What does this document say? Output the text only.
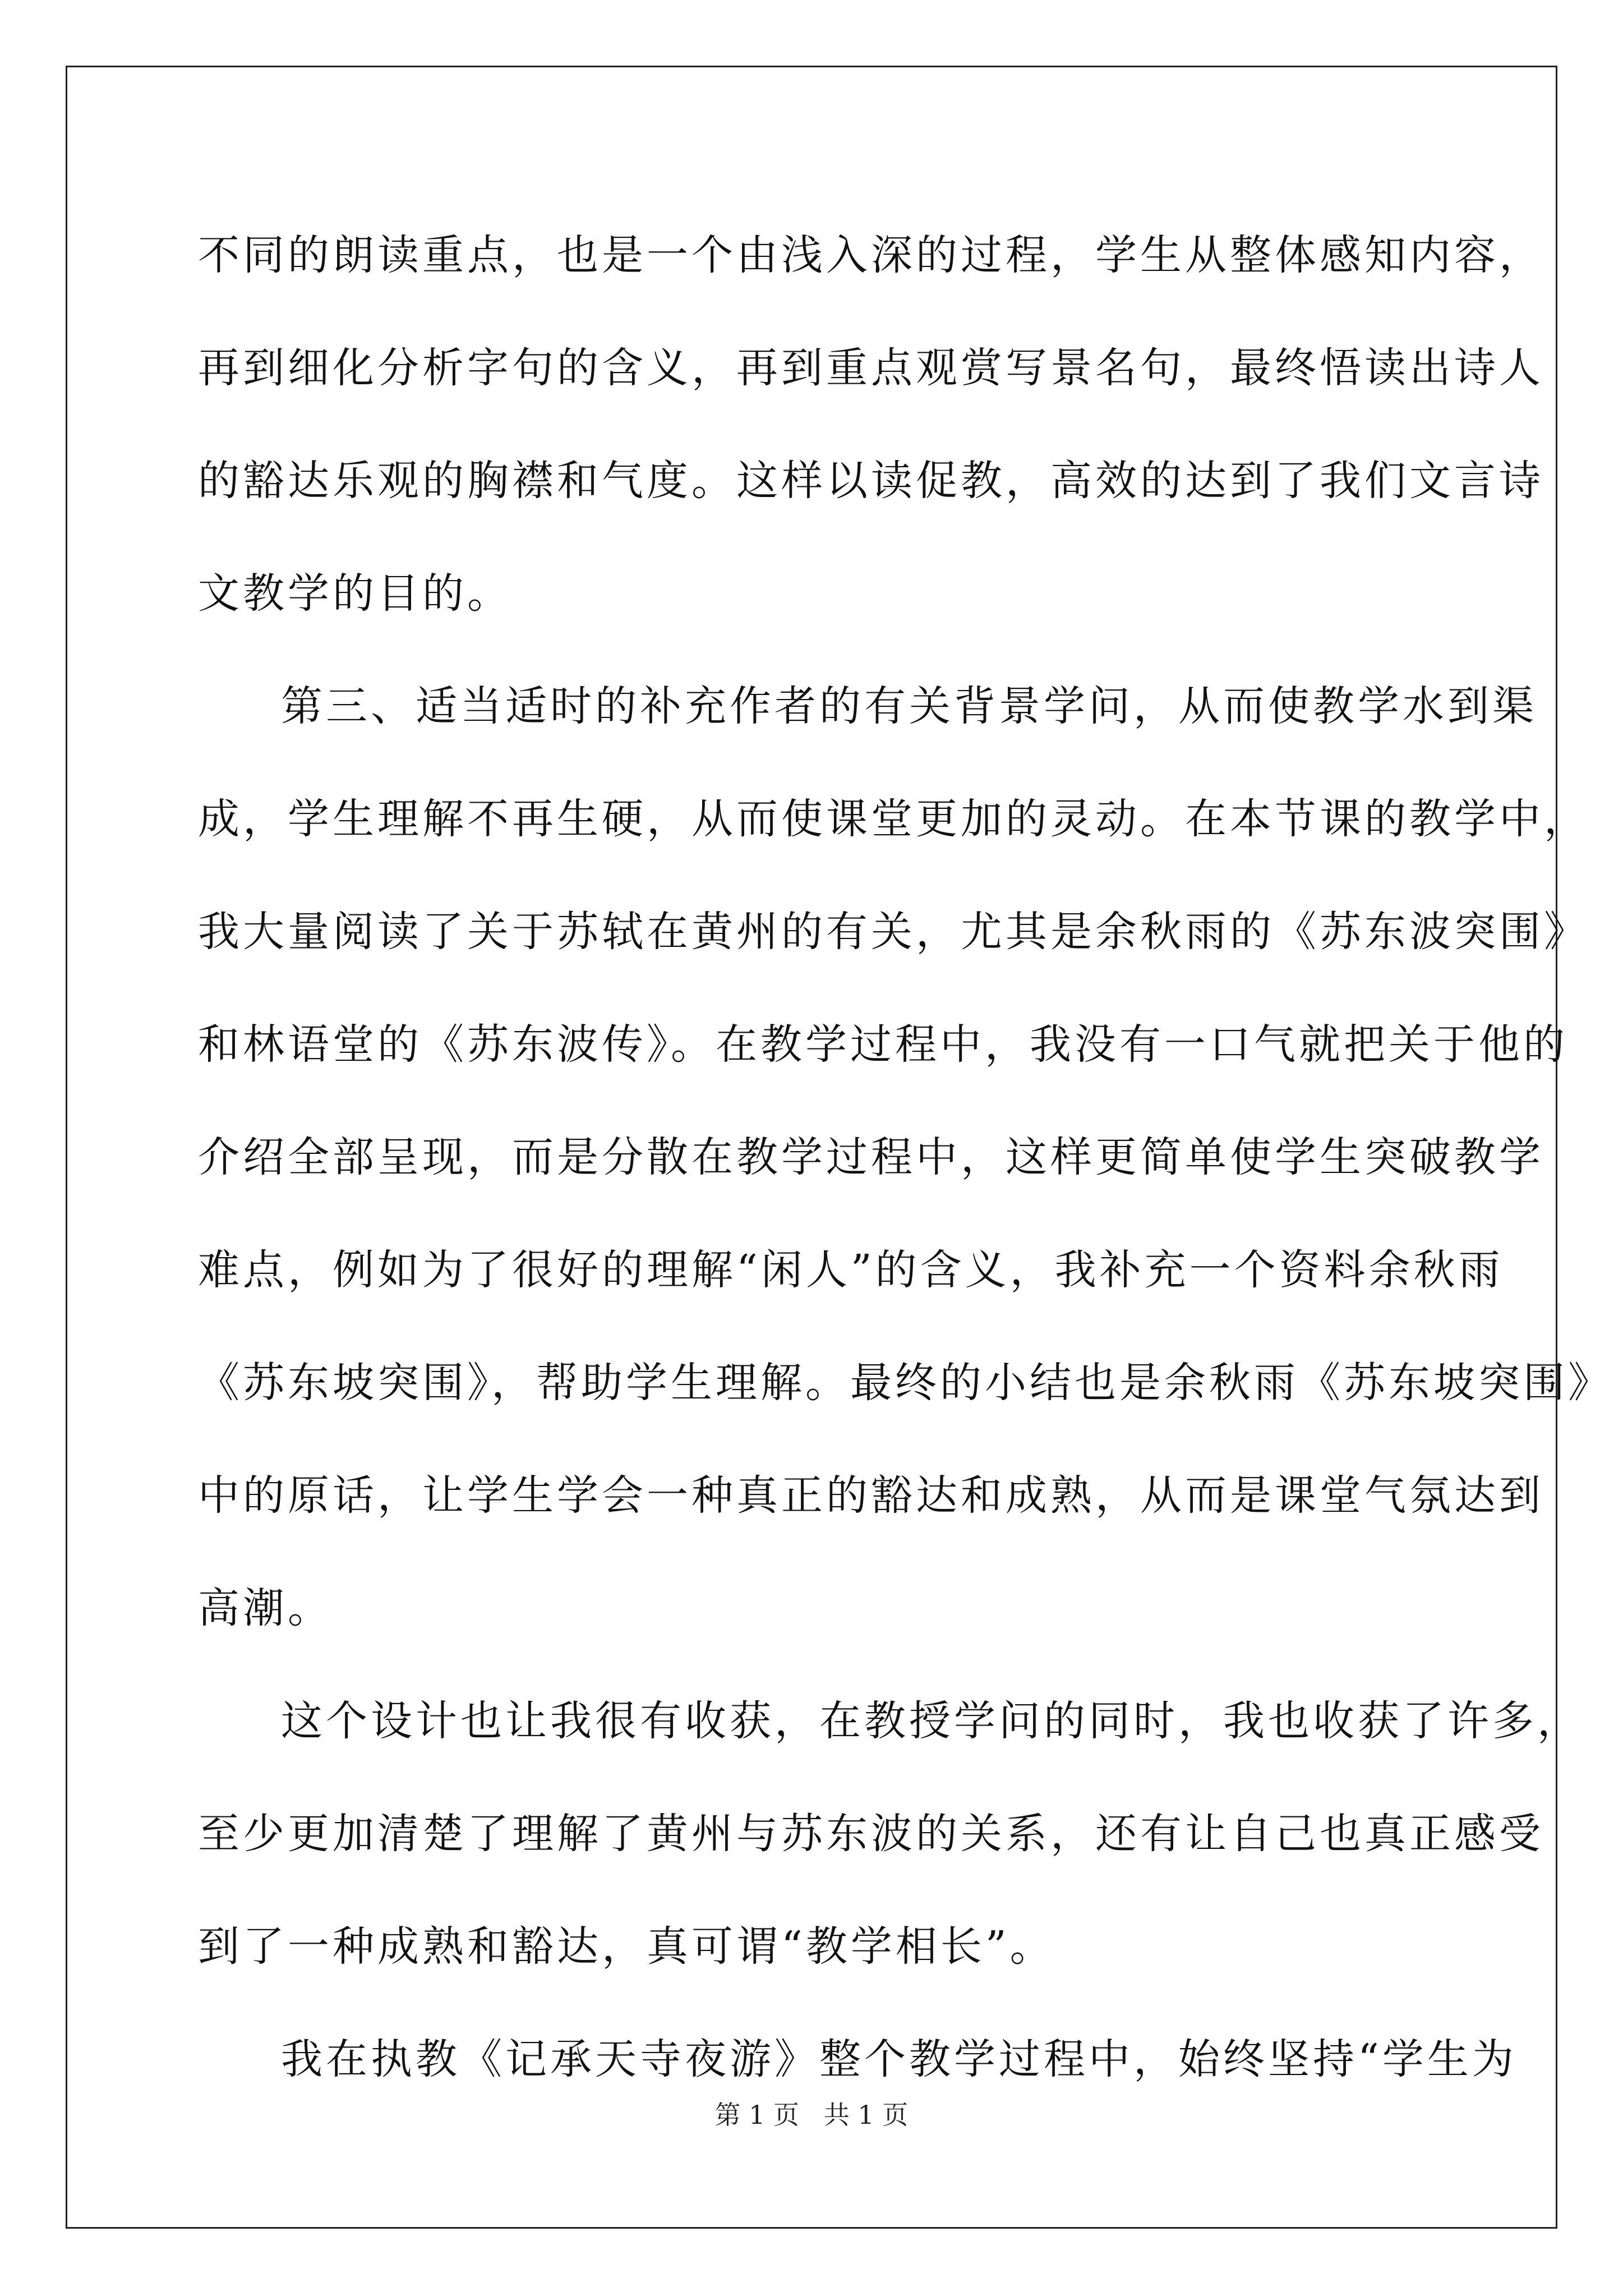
不同的朗读重点，也是一个由浅入深的过程，学生从整体感知内容，
再到细化分析字句的含义，再到重点观赏写景名句，最终悟读出诗人
的豁达乐观的胸襟和气度。这样以读促教，高效的达到了我们文言诗
文教学的目的。
第三、适当适时的补充作者的有关背景学问，从而使教学水到渠
成，学生理解不再生硬，从而使课堂更加的灵动。在本节课的教学中，
我大量阅读了关于苏轼在黄州的有关，尤其是余秋雨的《苏东波突围》
和林语堂的《苏东波传》。在教学过程中，我没有一口气就把关于他的
介绍全部呈现，而是分散在教学过程中，这样更简单使学生突破教学
难点，例如为了很好的理解“闲人”的含义，我补充一个资料余秋雨
《苏东坡突围》，帮助学生理解。最终的小结也是余秋雨《苏东坡突围》
中的原话，让学生学会一种真正的豁达和成熟，从而是课堂气氛达到
高潮。
这个设计也让我很有收获，在教授学问的同时，我也收获了许多，
至少更加清楚了理解了黄州与苏东波的关系，还有让自己也真正感受
到了一种成熟和豁达，真可谓“教学相长”。
我在执教《记承天寺夜游》整个教学过程中，始终坚持“学生为
第 1 页   共 1 页
